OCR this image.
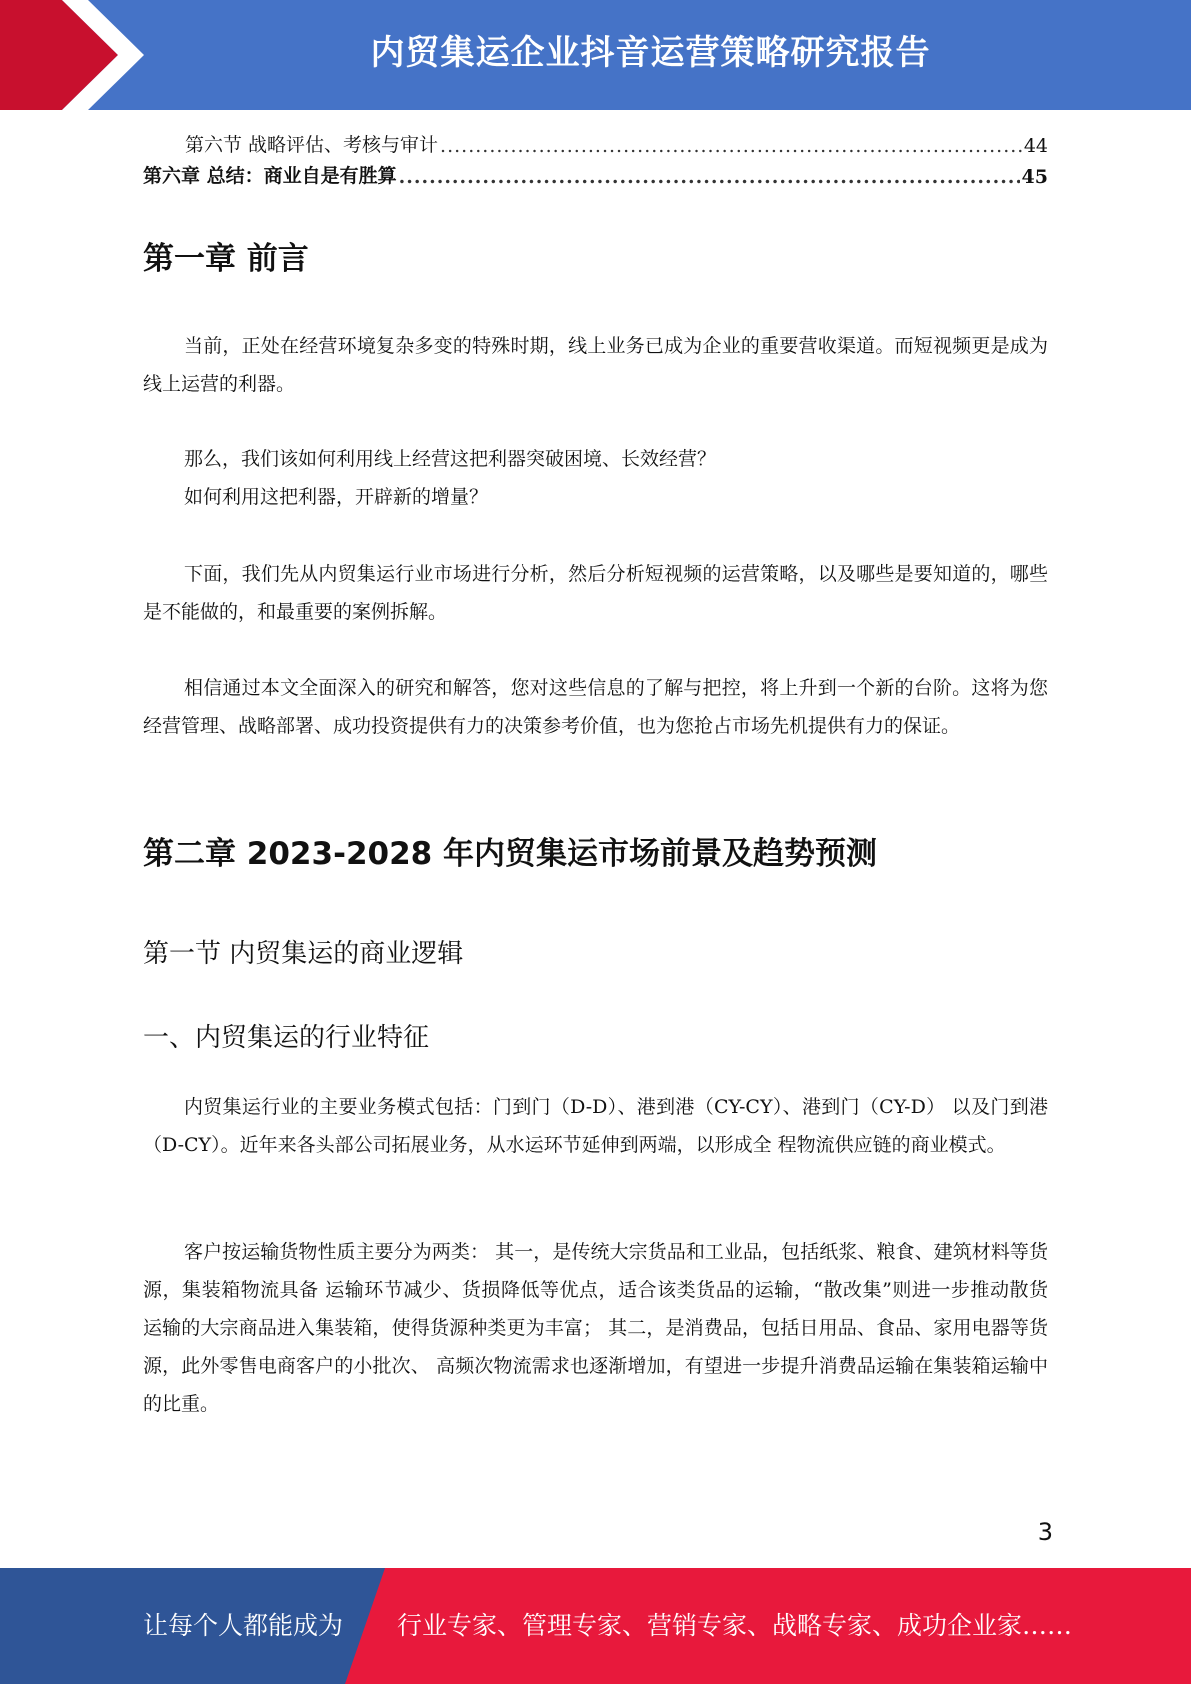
内贸集运企业抖音运营策略研究报告
第六节 战略评估、考核与审计 .....	44
第六章 总结：商业自是有胜算 .....	45
第一章 前言

当前，正处在经营环境复杂多变的特殊时期，线上业务已成为企业的重要营收渠道。而短视频更是成为线上运营的利器。

那么，我们该如何利用线上经营这把利器突破困境、长效经营？

如何利用这把利器，开辟新的增量？

下面，我们先从内贸集运行业市场进行分析，然后分析短视频的运营策略，以及哪些是要知道的，哪些是不能做的，和最重要的案例拆解。

相信通过本文全面深入的研究和解答，您对这些信息的了解与把控，将上升到一个新的台阶。这将为您经营管理、战略部署、成功投资提供有力的决策参考价值，也为您抢占市场先机提供有力的保证。

第二章 2023-2028 年内贸集运市场前景及趋势预测
第一节 内贸集运的商业逻辑
一、内贸集运的行业特征

内贸集运行业的主要业务模式包括：门到门（D-D）、港到港（CY-CY）、港到门（CY-D） 以及门到港（D-CY）。近年来各头部公司拓展业务，从水运环节延伸到两端，以形成全 程物流供应链的商业模式。

客户按运输货物性质主要分为两类： 其一，是传统大宗货品和工业品，包括纸浆、粮食、建筑材料等货源，集装箱物流具备 运输环节减少、货损降低等优点，适合该类货品的运输，“散改集”则进一步推动散货 运输的大宗商品进入集装箱，使得货源种类更为丰富； 其二，是消费品，包括日用品、食品、家用电器等货源，此外零售电商客户的小批次、 高频次物流需求也逐渐增加，有望进一步提升消费品运输在集装箱运输中的比重。

3
让每个人都能成为 行业专家、管理专家、营销专家、战略专家、成功企业家……
